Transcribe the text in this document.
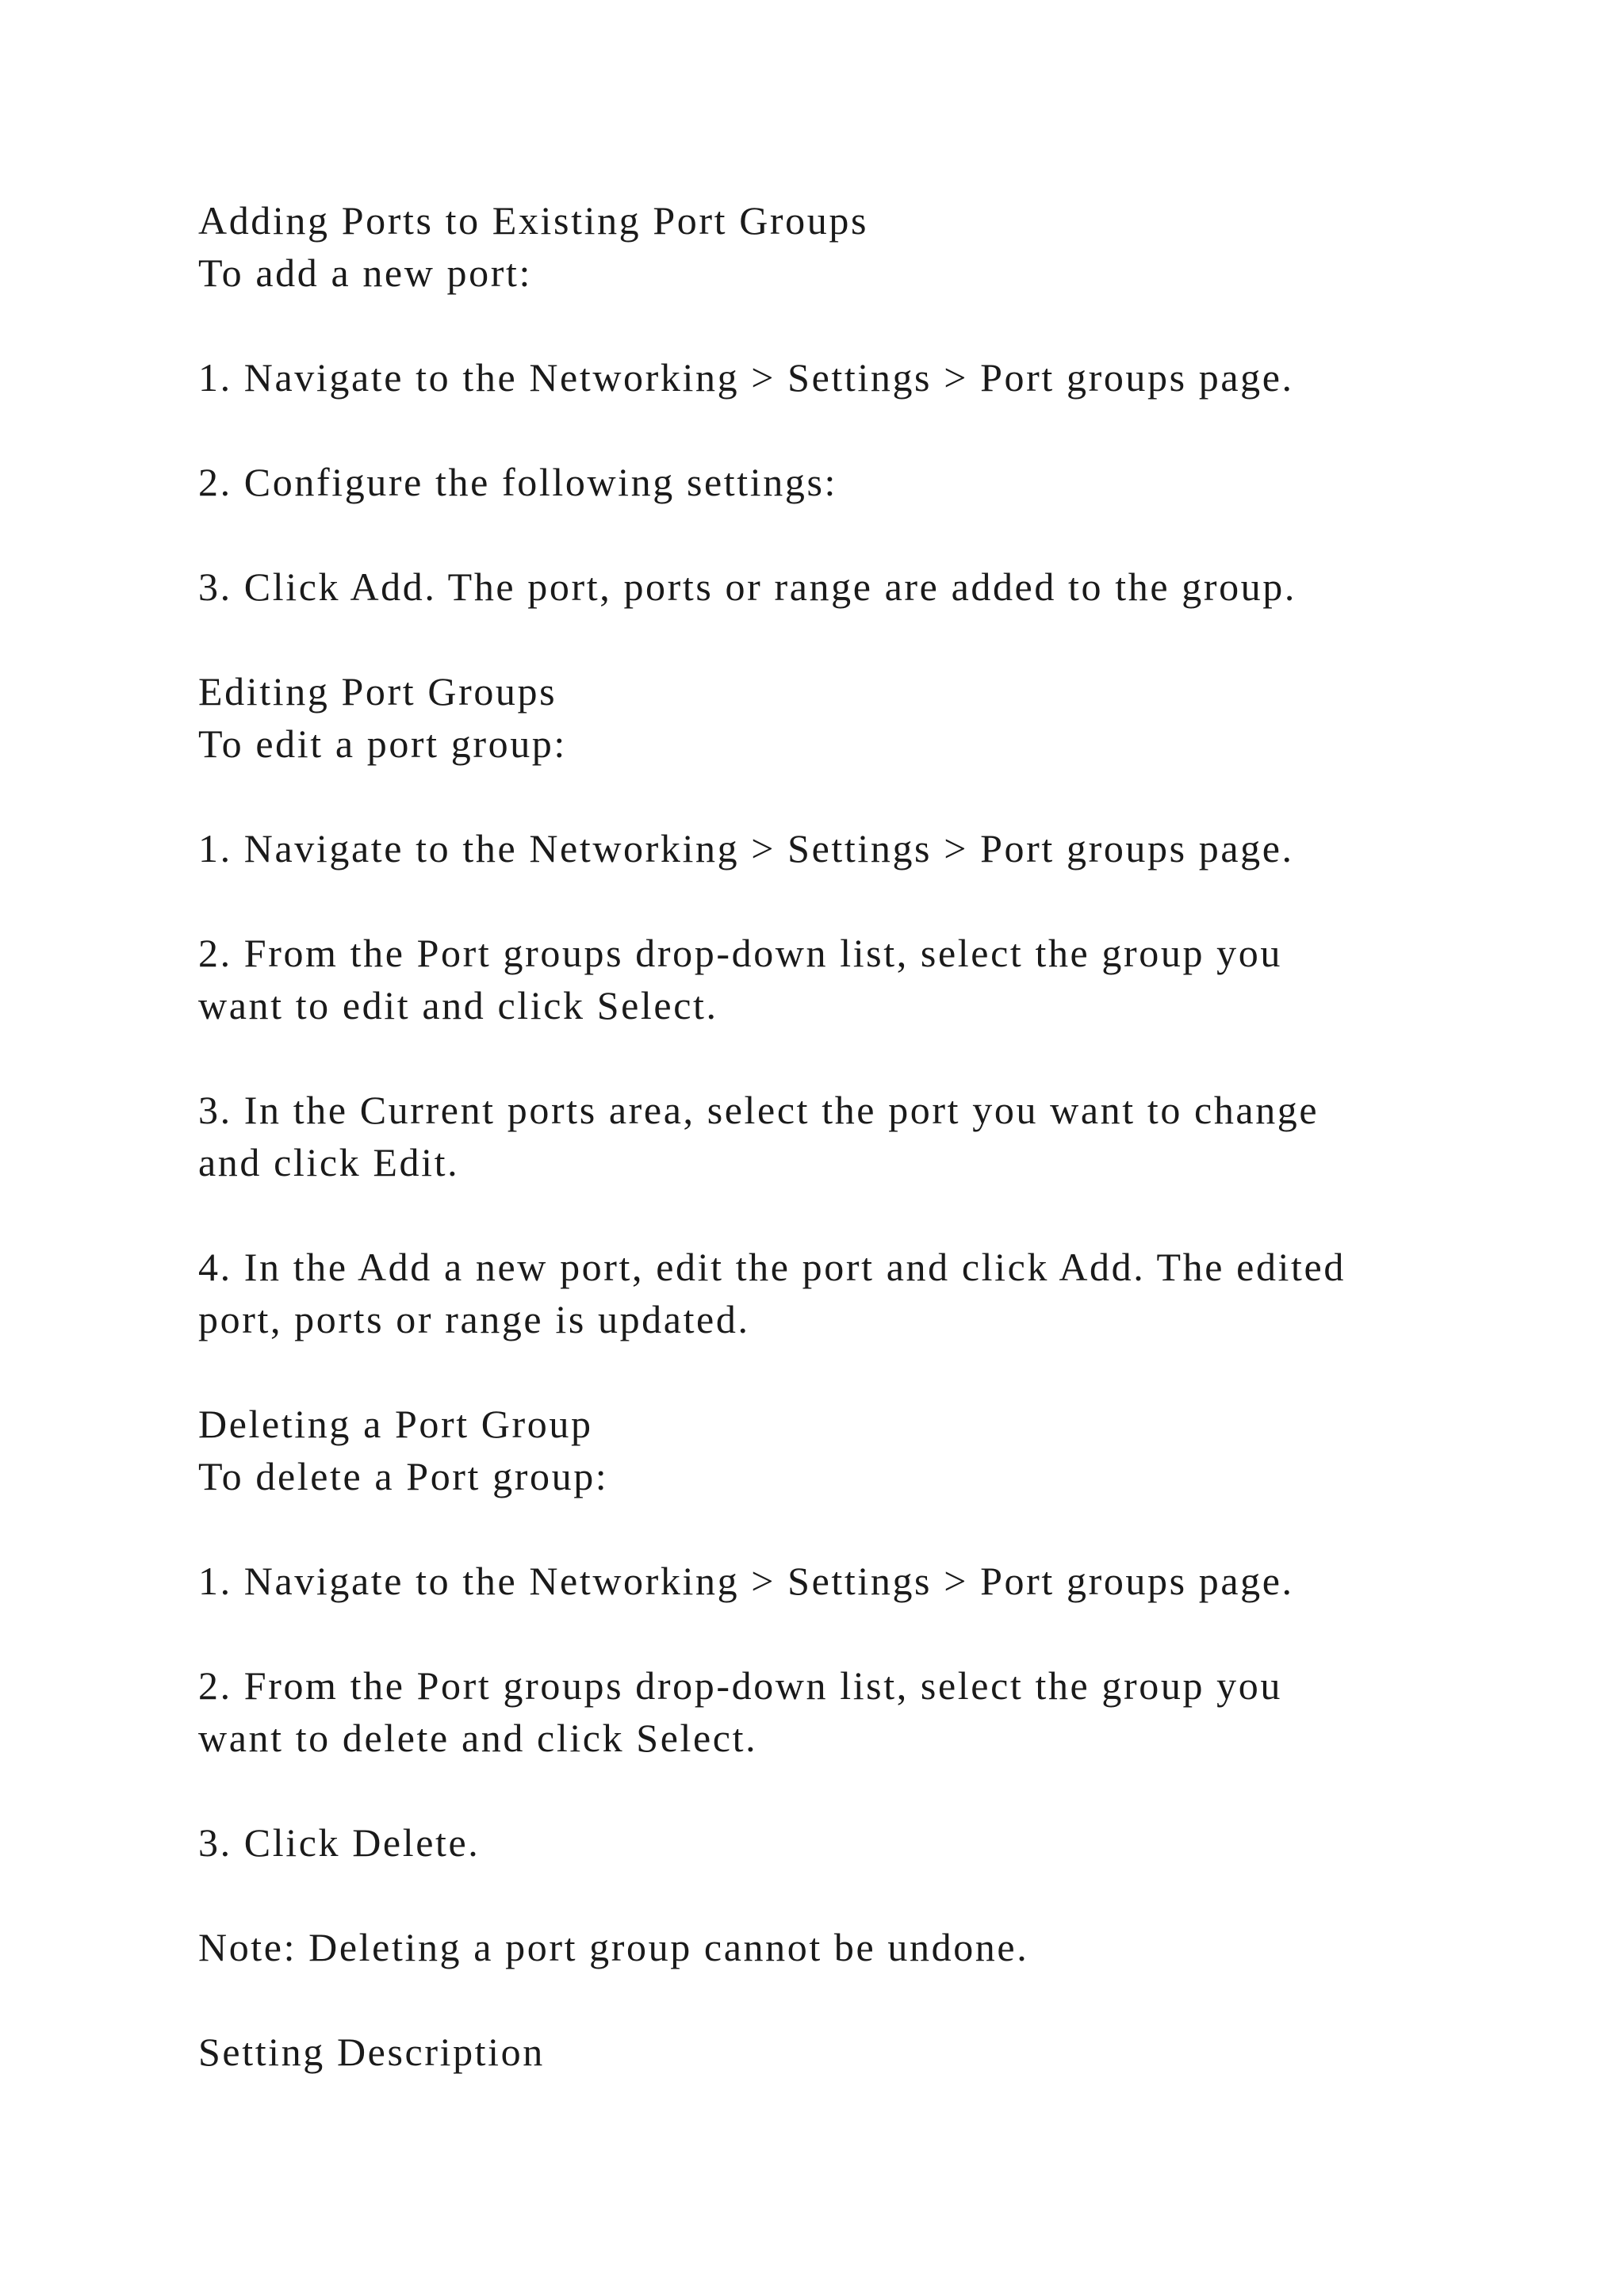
Adding Ports to Existing Port Groups
To add a new port:
1. Navigate to the Networking > Settings > Port groups page.
2. Configure the following settings:
3. Click Add. The port, ports or range are added to the group.
Editing Port Groups
To edit a port group:
1. Navigate to the Networking > Settings > Port groups page.
2. From the Port groups drop-down list, select the group you
want to edit and click Select.
3. In the Current ports area, select the port you want to change
and click Edit.
4. In the Add a new port, edit the port and click Add. The edited
port, ports or range is updated.
Deleting a Port Group
To delete a Port group:
1. Navigate to the Networking > Settings > Port groups page.
2. From the Port groups drop-down list, select the group you
want to delete and click Select.
3. Click Delete.
Note: Deleting a port group cannot be undone.
Setting Description
